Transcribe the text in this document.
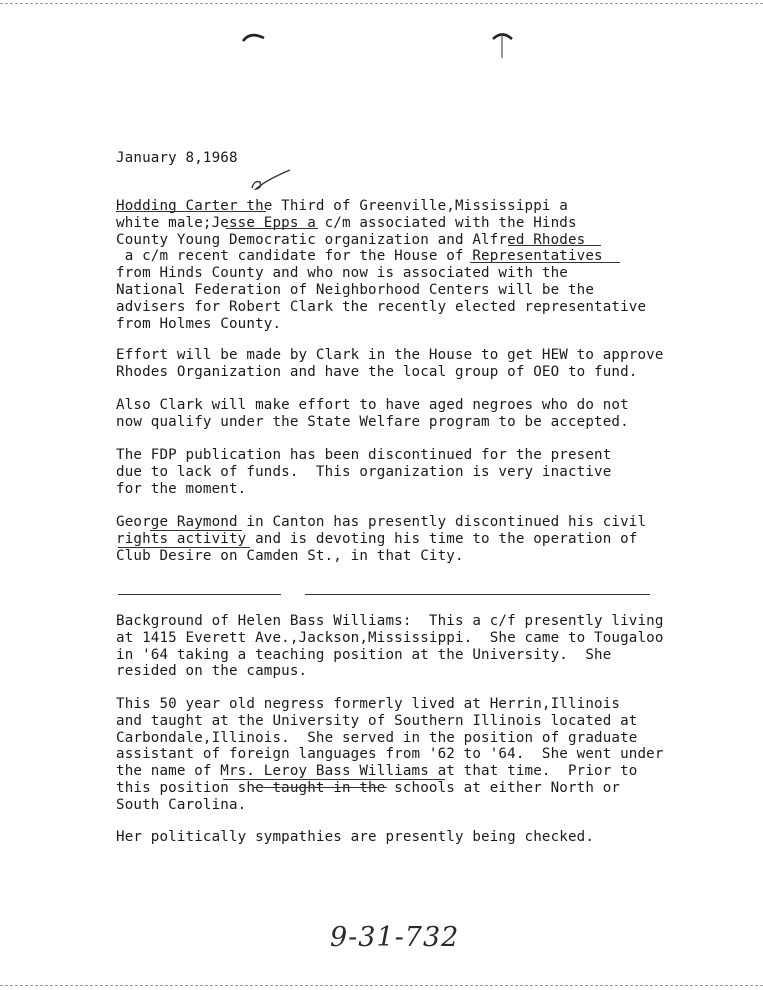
January 8,1968
Hodding Carter the Third of Greenville,Mississippi a
white male;Jesse Epps a c/m associated with the Hinds
County Young Democratic organization and Alfred Rhodes
a c/m recent candidate for the House of Representatives
from Hinds County and who now is associated with the
National Federation of Neighborhood Centers will be the
advisers for Robert Clark the recently elected representative
from Holmes County.
Effort will be made by Clark in the House to get HEW to approve
Rhodes Organization and have the local group of OEO to fund.
Also Clark will make effort to have aged negroes who do not
now qualify under the State Welfare program to be accepted.
The FDP publication has been discontinued for the present
due to lack of funds.  This organization is very inactive
for the moment.
George Raymond in Canton has presently discontinued his civil
rights activity and is devoting his time to the operation of
Club Desire on Camden St., in that City.
Background of Helen Bass Williams:  This a c/f presently living
at 1415 Everett Ave.,Jackson,Mississippi.  She came to Tougaloo
in '64 taking a teaching position at the University.  She
resided on the campus.
This 50 year old negress formerly lived at Herrin,Illinois
and taught at the University of Southern Illinois located at
Carbondale,Illinois.  She served in the position of graduate
assistant of foreign languages from '62 to '64.  She went under
the name of Mrs. Leroy Bass Williams at that time.  Prior to
this position she taught in the schools at either North or
South Carolina.
Her politically sympathies are presently being checked.
9-31-732
